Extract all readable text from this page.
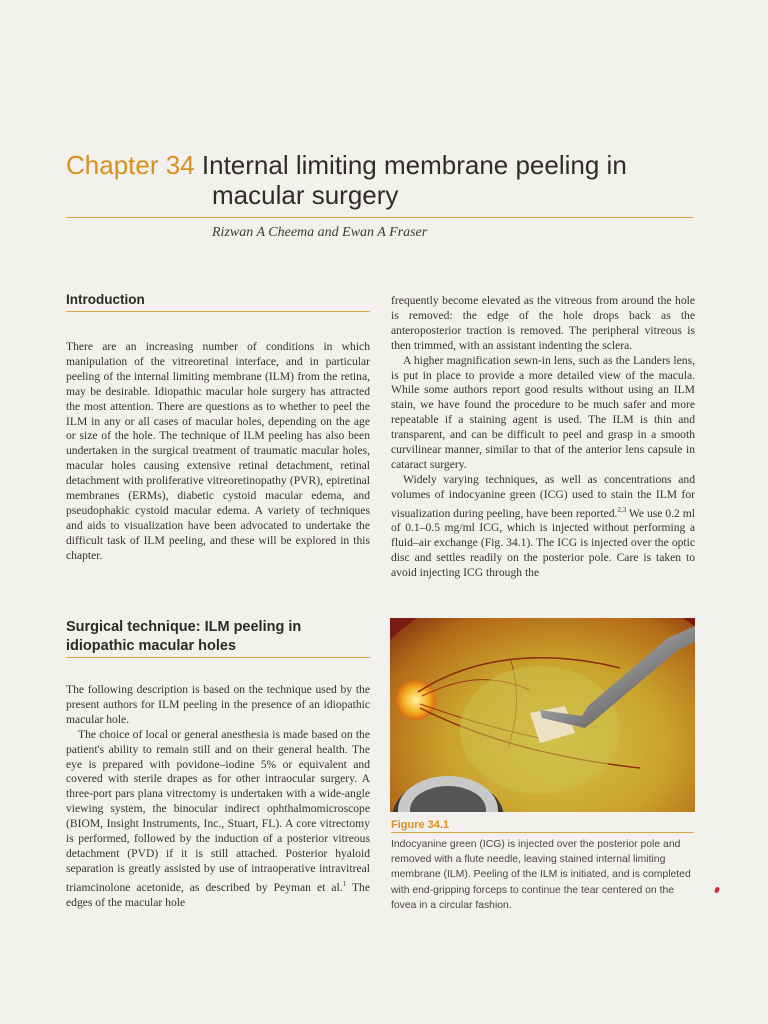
Chapter 34 Internal limiting membrane peeling in
macular surgery
Rizwan A Cheema and Ewan A Fraser
Introduction

There are an increasing number of conditions in which manipulation of the vitreoretinal interface, and in particular peeling of the internal limiting membrane (ILM) from the retina, may be desirable. Idiopathic macular hole surgery has attracted the most attention. There are questions as to whether to peel the ILM in any or all cases of macular holes, depending on the age or size of the hole. The technique of ILM peeling has also been undertaken in the surgical treatment of traumatic macular holes, macular holes causing extensive retinal detachment, retinal detachment with proliferative vitreoretinopathy (PVR), epiretinal membranes (ERMs), diabetic cystoid macular edema, and pseudophakic cystoid macular edema. A variety of techniques and aids to visualization have been advocated to undertake the difficult task of ILM peeling, and these will be explored in this chapter.

Surgical technique: ILM peeling in
idiopathic macular holes

The following description is based on the technique used by the present authors for ILM peeling in the presence of an idiopathic macular hole.

The choice of local or general anesthesia is made based on the patient's ability to remain still and on their general health. The eye is prepared with povidone–iodine 5% or equivalent and covered with sterile drapes as for other intraocular surgery. A three-port pars plana vitrectomy is undertaken with a wide-angle viewing system, the binocular indirect ophthalmomicroscope (BIOM, Insight Instruments, Inc., Stuart, FL). A core vitrectomy is performed, followed by the induction of a posterior vitreous detachment (PVD) if it is still attached. Posterior hyaloid separation is greatly assisted by use of intraoperative intravitreal triamcinolone acetonide, as described by Peyman et al.$^1$ The edges of the macular hole

frequently become elevated as the vitreous from around the hole is removed: the edge of the hole drops back as the anteroposterior traction is removed. The peripheral vitreous is then trimmed, with an assistant indenting the sclera.

A higher magnification sewn-in lens, such as the Landers lens, is put in place to provide a more detailed view of the macula. While some authors report good results without using an ILM stain, we have found the procedure to be much safer and more repeatable if a staining agent is used. The ILM is thin and transparent, and can be difficult to peel and grasp in a smooth curvilinear manner, similar to that of the anterior lens capsule in cataract surgery.

Widely varying techniques, as well as concentrations and volumes of indocyanine green (ICG) used to stain the ILM for visualization during peeling, have been reported.$^{2,3}$ We use 0.2 ml of 0.1–0.5 mg/ml ICG, which is injected without performing a fluid–air exchange (Fig. 34.1). The ICG is injected over the optic disc and settles readily on the posterior pole. Care is taken to avoid injecting ICG through the

Figure 34.1
Indocyanine green (ICG) is injected over the posterior pole and removed with a flute needle, leaving stained internal limiting membrane (ILM). Peeling of the ILM is initiated, and is completed with end-gripping forceps to continue the tear centered on the fovea in a circular fashion.
